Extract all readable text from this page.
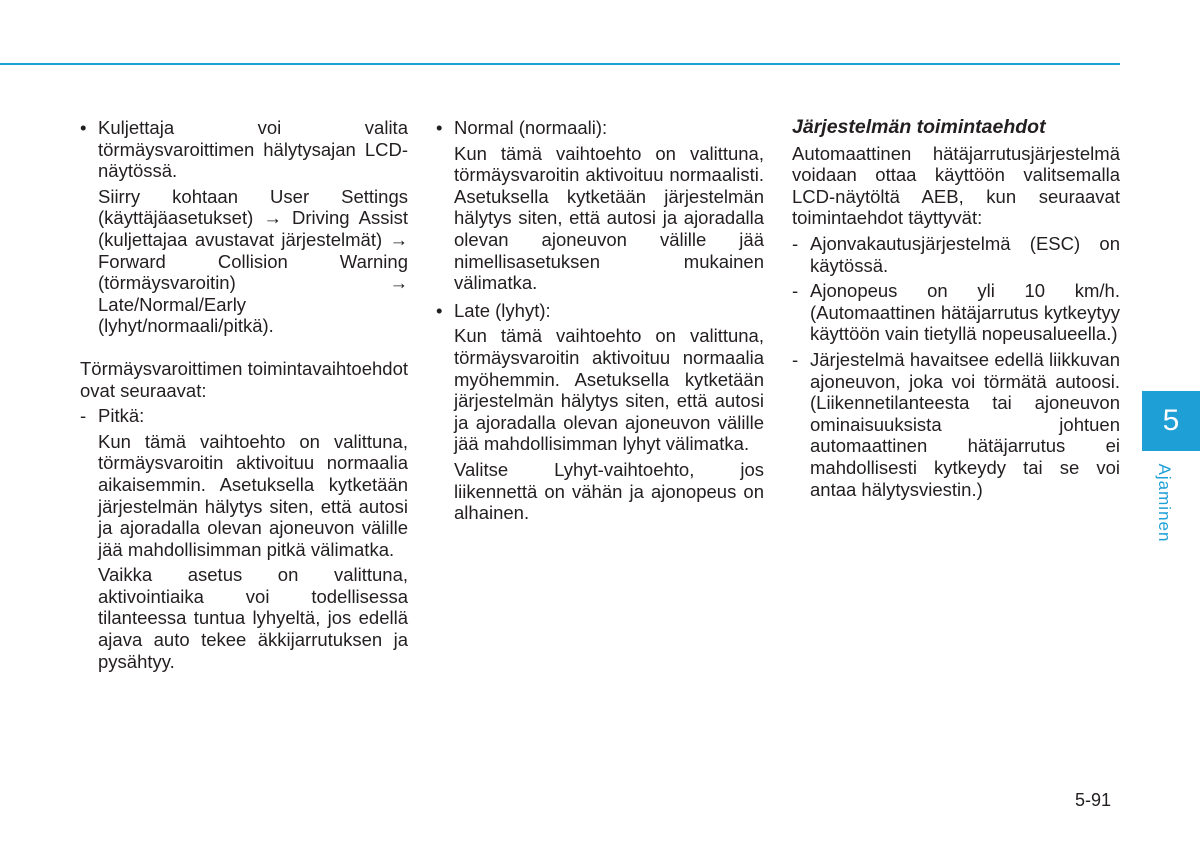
• Kuljettaja voi valita törmäysvaroittimen hälytysajan LCD-näytössä.
Siirry kohtaan User Settings (käyttäjäasetukset) → Driving Assist (kuljettajaa avustavat järjestelmät) → Forward Collision Warning (törmäysvaroitin) → Late/Normal/Early (lyhyt/normaali/pitkä).
Törmäysvaroittimen toimintavaihtoehdot ovat seuraavat:
- Pitkä:
Kun tämä vaihtoehto on valittuna, törmäysvaroitin aktivoituu normaalia aikaisemmin. Asetuksella kytketään järjestelmän hälytys siten, että autosi ja ajoradalla olevan ajoneuvon välille jää mahdollisimman pitkä välimatka.
Vaikka asetus on valittuna, aktivointiaika voi todellisessa tilanteessa tuntua lyhyeltä, jos edellä ajava auto tekee äkkijarrutuksen ja pysähtyy.
• Normal (normaali):
Kun tämä vaihtoehto on valittuna, törmäysvaroitin aktivoituu normaalisti. Asetuksella kytketään järjestelmän hälytys siten, että autosi ja ajoradalla olevan ajoneuvon välille jää nimellisasetuksen mukainen välimatka.
• Late (lyhyt):
Kun tämä vaihtoehto on valittuna, törmäysvaroitin aktivoituu normaalia myöhemmin. Asetuksella kytketään järjestelmän hälytys siten, että autosi ja ajoradalla olevan ajoneuvon välille jää mahdollisimman lyhyt välimatka.
Valitse Lyhyt-vaihtoehto, jos liikennettä on vähän ja ajonopeus on alhainen.
Järjestelmän toimintaehdot
Automaattinen hätäjarrutusjärjestelmä voidaan ottaa käyttöön valitsemalla LCD-näytöltä AEB, kun seuraavat toimintaehdot täyttyvät:
- Ajonvakautusjärjestelmä (ESC) on käytössä.
- Ajonopeus on yli 10 km/h. (Automaattinen hätäjarrutus kytkeytyy käyttöön vain tietyllä nopeusalueella.)
- Järjestelmä havaitsee edellä liikkuvan ajoneuvon, joka voi törmätä autoosi. (Liikennetilanteesta tai ajoneuvon ominaisuuksista johtuen automaattinen hätäjarrutus ei mahdollisesti kytkeydy tai se voi antaa hälytysviestin.)
5
Ajaminen
5-91
